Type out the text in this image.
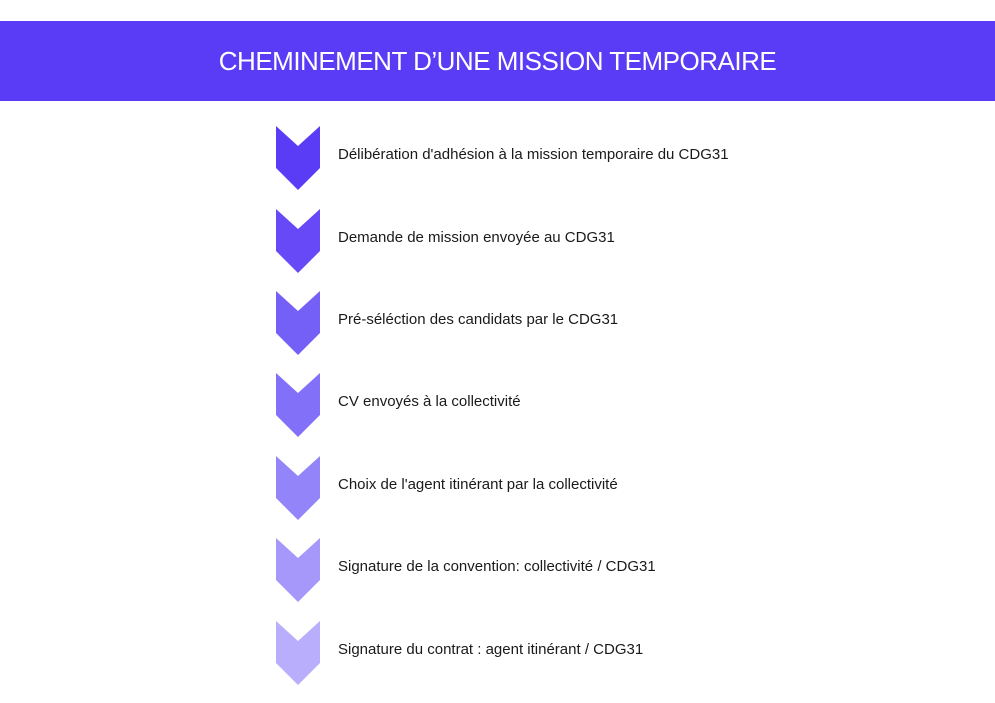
CHEMINEMENT D’UNE MISSION TEMPORAIRE
Délibération d'adhésion à la mission temporaire du CDG31
Demande de mission envoyée au CDG31
Pré-séléction des candidats par le CDG31
CV envoyés à la collectivité
Choix de l'agent itinérant par la collectivité
Signature de la convention: collectivité / CDG31
Signature du contrat : agent itinérant / CDG31
